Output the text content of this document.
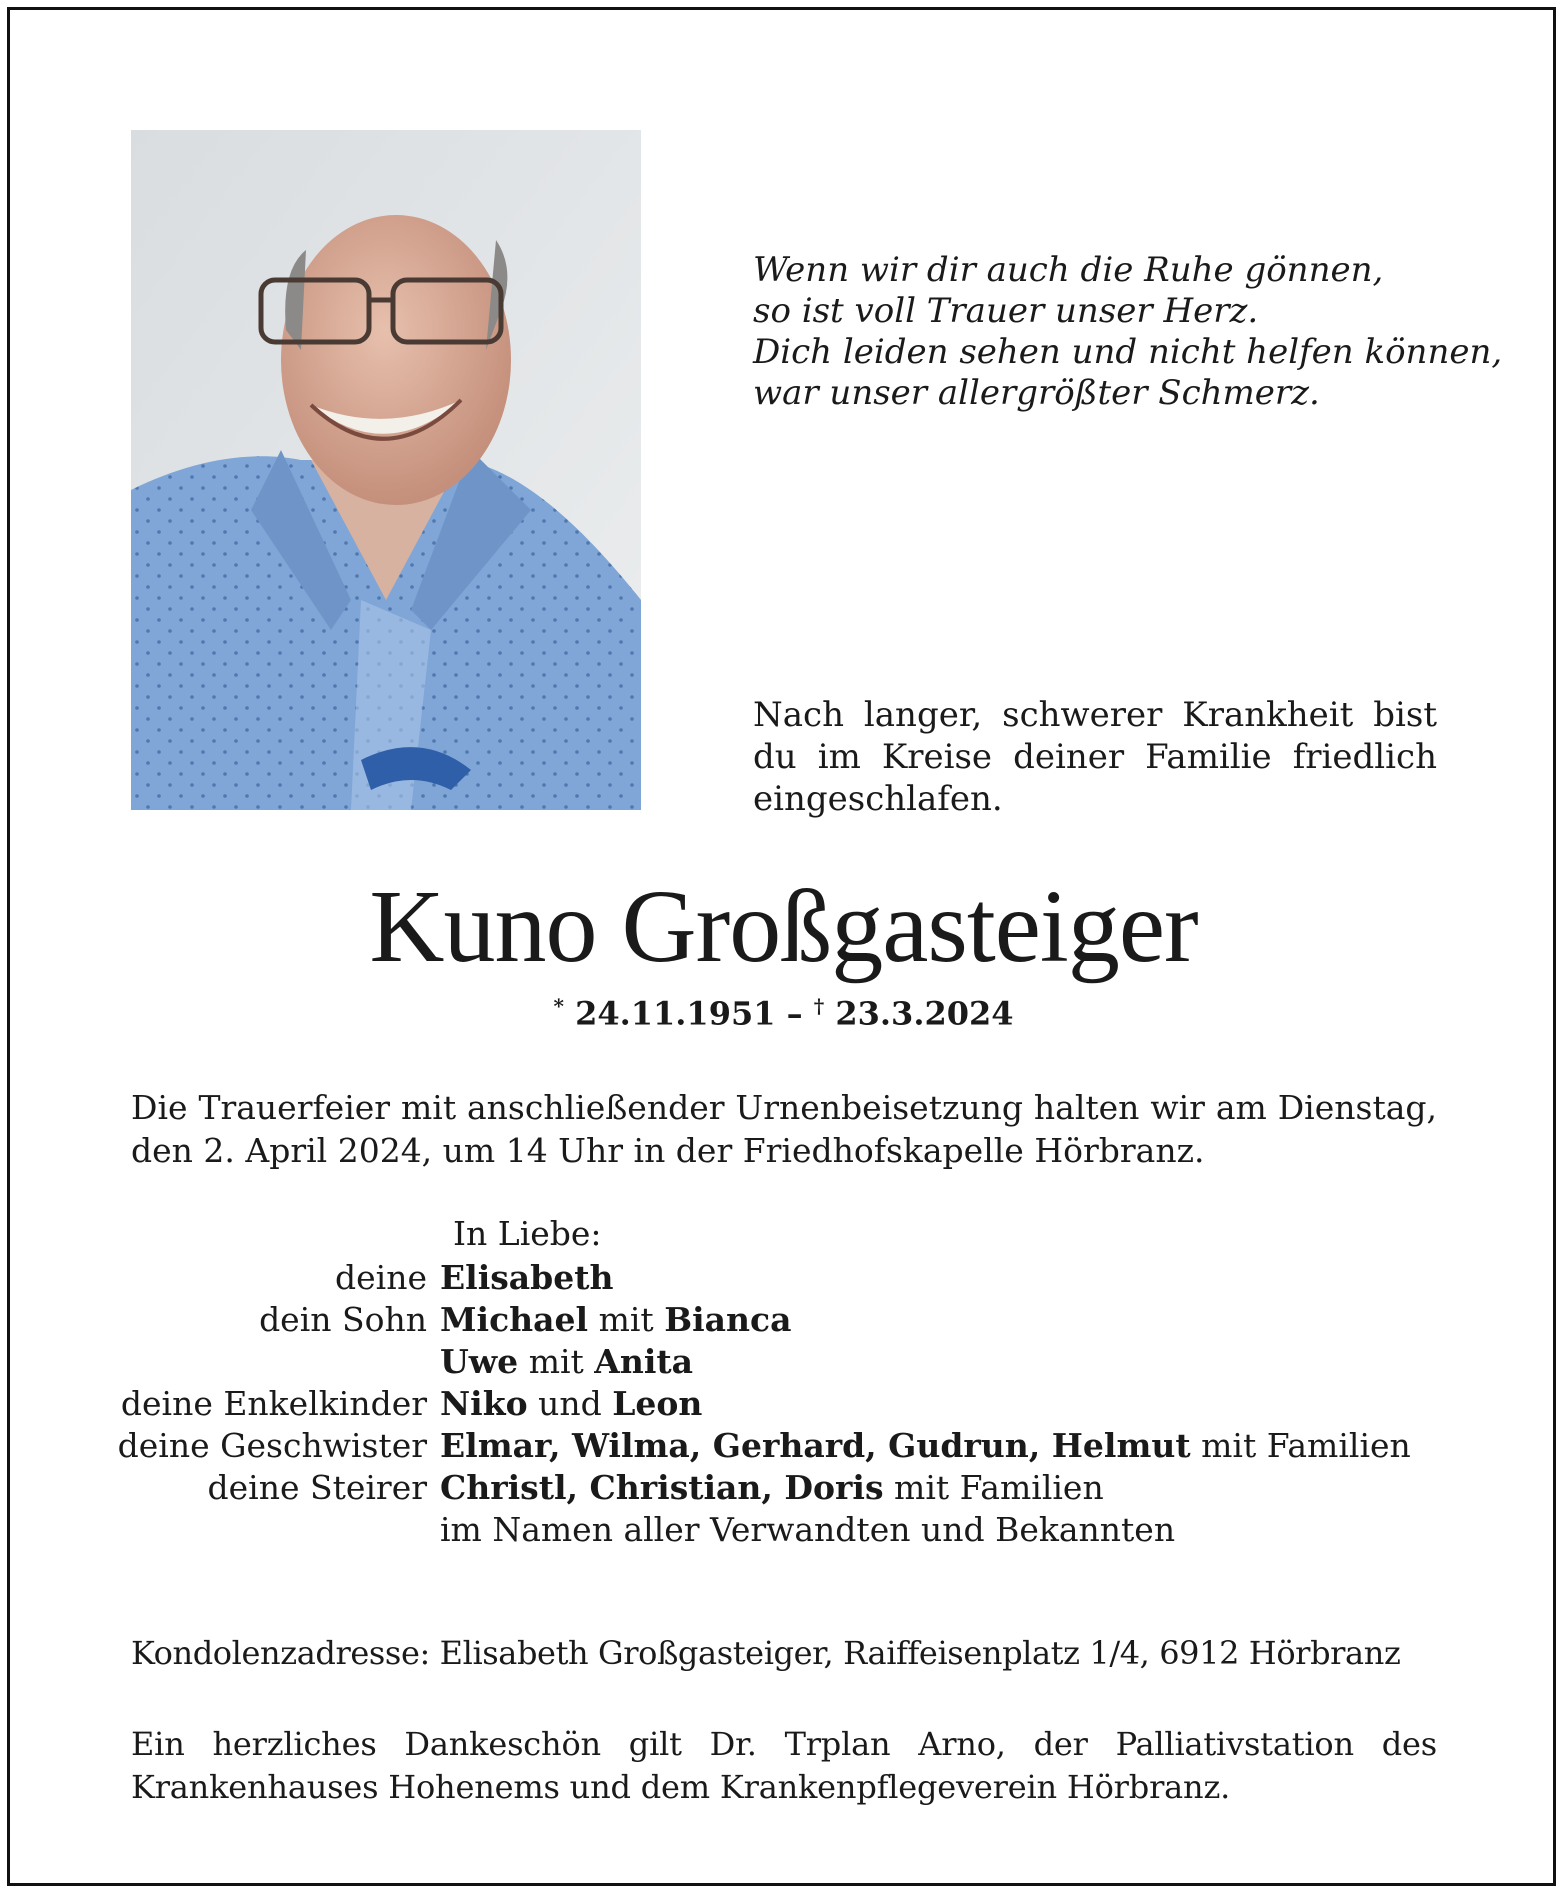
Wenn wir dir auch die Ruhe gönnen,
so ist voll Trauer unser Herz.
Dich leiden sehen und nicht helfen können,
war unser allergrößter Schmerz.
Nach langer, schwerer Krankheit bist du im Kreise deiner Familie friedlich eingeschlafen.
Kuno Großgasteiger
* 24.11.1951 – † 23.3.2024
Die Trauerfeier mit anschließender Urnenbeisetzung halten wir am Dienstag, den 2. April 2024, um 14 Uhr in der Friedhofskapelle Hörbranz.
In Liebe:
deine Elisabeth
dein Sohn Michael mit Bianca
Uwe mit Anita
deine Enkelkinder Niko und Leon
deine Geschwister Elmar, Wilma, Gerhard, Gudrun, Helmut mit Familien
deine Steirer Christl, Christian, Doris mit Familien
im Namen aller Verwandten und Bekannten
Kondolenzadresse: Elisabeth Großgasteiger, Raiffeisenplatz 1/4, 6912 Hörbranz
Ein herzliches Dankeschön gilt Dr. Trplan Arno, der Palliativstation des Krankenhauses Hohenems und dem Krankenpflegeverein Hörbranz.
